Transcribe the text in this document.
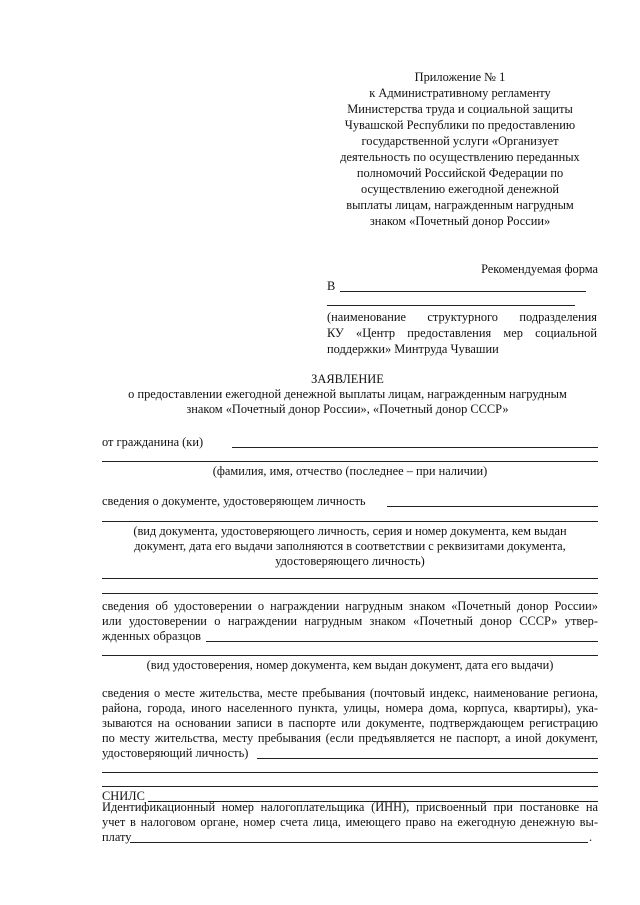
Приложение № 1
к Административному регламенту
Министерства труда и социальной защиты
Чувашской Республики по предоставлению
государственной услуги «Организует
деятельность по осуществлению переданных
полномочий Российской Федерации по
осуществлению ежегодной денежной
выплаты лицам, награжденным нагрудным
знаком «Почетный донор России»
Рекомендуемая форма
В
(наименование структурного подразделения
КУ «Центр предоставления мер социальной
поддержки» Минтруда Чувашии
ЗАЯВЛЕНИЕ
о предоставлении ежегодной денежной выплаты лицам, награжденным нагрудным
знаком «Почетный донор России», «Почетный донор СССР»
от гражданина (ки)
(фамилия, имя, отчество (последнее – при наличии)
сведения о документе, удостоверяющем личность
(вид документа, удостоверяющего личность, серия и номер документа, кем выдан
документ, дата его выдачи заполняются в соответствии с реквизитами документа,
удостоверяющего личность)
сведения об удостоверении о награждении нагрудным знаком «Почетный донор России»
или удостоверении о награждении нагрудным знаком «Почетный донор СССР» утвер-
жденных образцов
(вид удостоверения, номер документа, кем выдан документ, дата его выдачи)
сведения о месте жительства, месте пребывания (почтовый индекс, наименование региона,
района, города, иного населенного пункта, улицы, номера дома, корпуса, квартиры), ука-
зываются на основании записи в паспорте или документе, подтверждающем регистрацию
по месту жительства, месту пребывания (если предъявляется не паспорт, а иной документ,
удостоверяющий личность)
СНИЛС
Идентификационный номер налогоплательщика (ИНН), присвоенный при постановке на
учет в налоговом органе, номер счета лица, имеющего право на ежегодную денежную вы-
плату	.
